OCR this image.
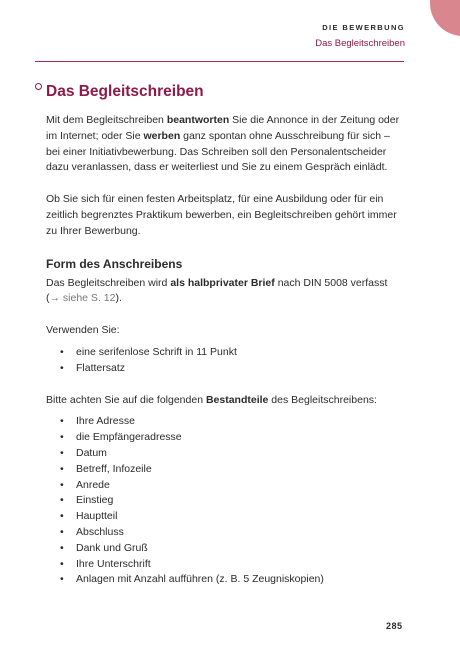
DIE BEWERBUNG
Das Begleitschreiben
Das Begleitschreiben

Mit dem Begleitschreiben beantworten Sie die Annonce in der Zeitung oder im Internet; oder Sie werben ganz spontan ohne Ausschreibung für sich – bei einer Initiativbewerbung. Das Schreiben soll den Personalentscheider dazu veranlassen, dass er weiterliest und Sie zu einem Gespräch einlädt.

Ob Sie sich für einen festen Arbeitsplatz, für eine Ausbildung oder für ein zeitlich begrenztes Praktikum bewerben, ein Begleitschreiben gehört immer zu Ihrer Bewerbung.

Form des Anschreibens

Das Begleitschreiben wird als halbprivater Brief nach DIN 5008 verfasst
(→ siehe S. 12).

Verwenden Sie:

• eine serifenlose Schrift in 11 Punkt
• Flattersatz

Bitte achten Sie auf die folgenden Bestandteile des Begleitschreibens:

• Ihre Adresse
• die Empfängeradresse
• Datum
• Betreff, Infozeile
• Anrede
• Einstieg
• Hauptteil
• Abschluss
• Dank und Gruß
• Ihre Unterschrift
• Anlagen mit Anzahl aufführen (z. B. 5 Zeugniskopien)
285
